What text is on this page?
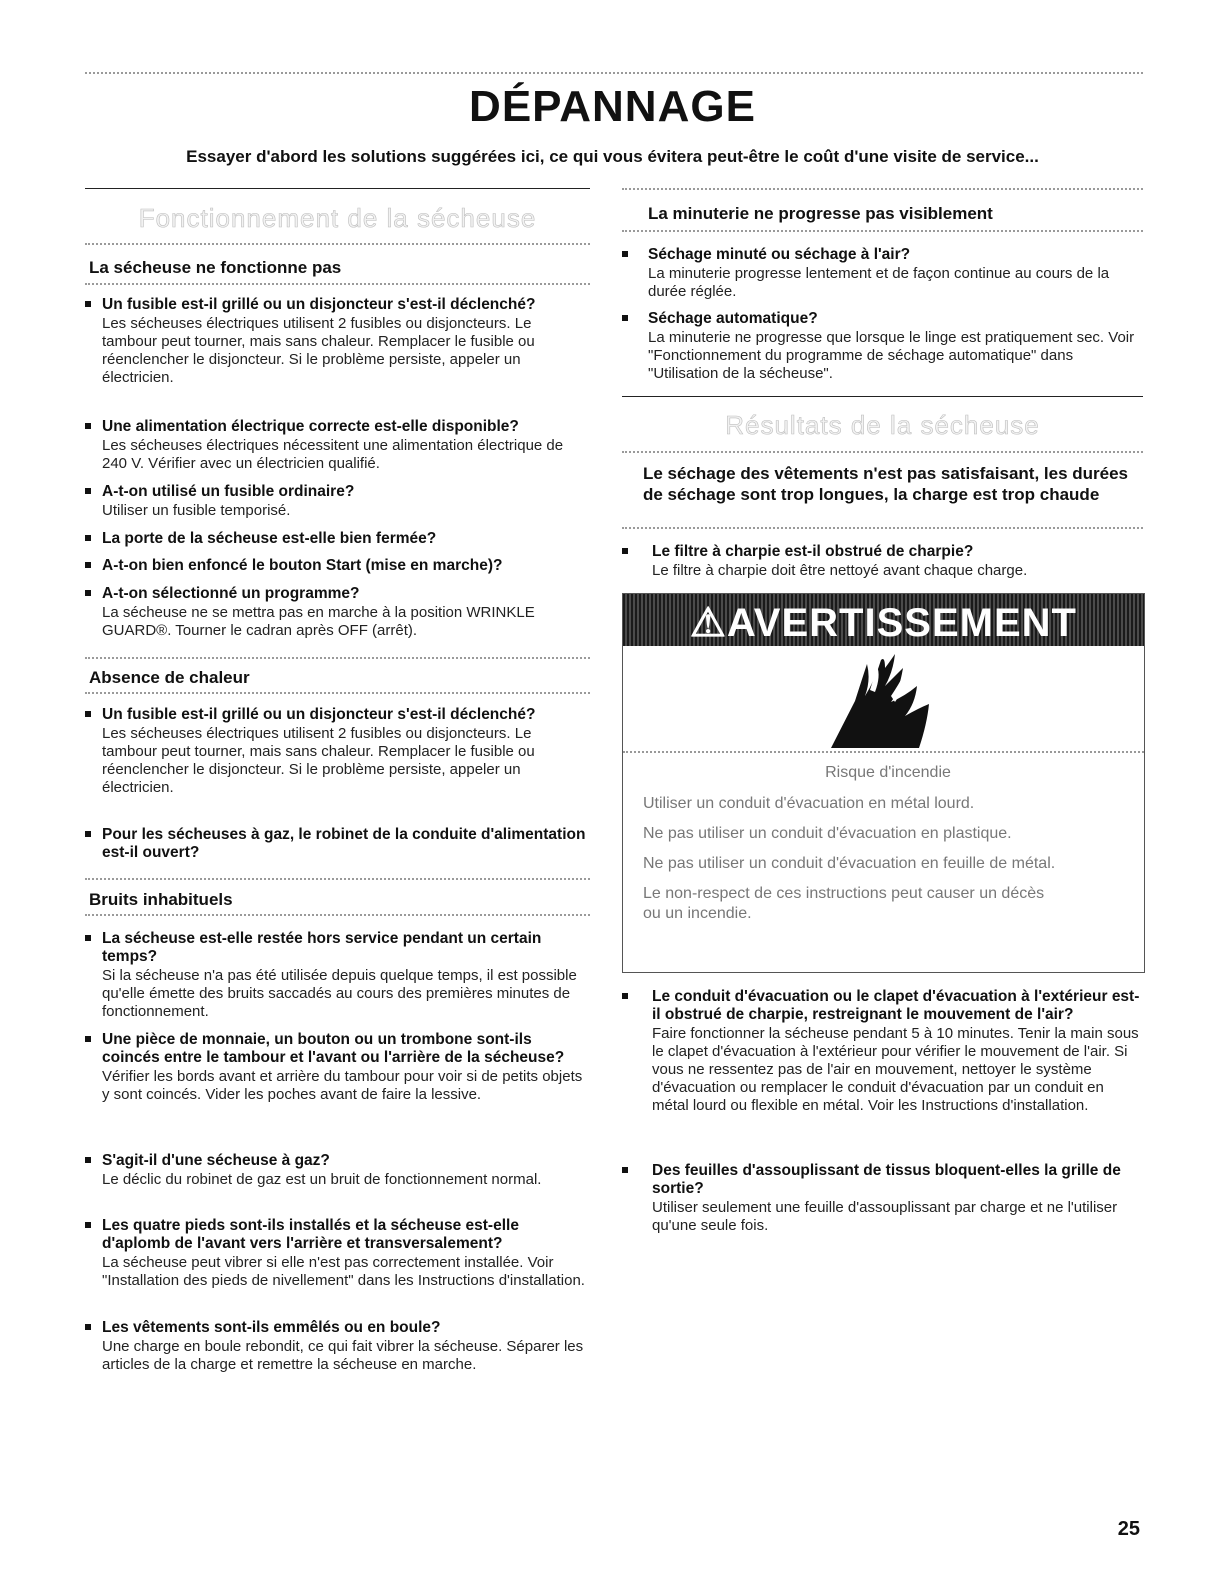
DÉPANNAGE

Essayer d'abord les solutions suggérées ici, ce qui vous évitera peut-être le coût d'une visite de service...

Fonctionnement de la sécheuse
La sécheuse ne fonctionne pas

Un fusible est-il grillé ou un disjoncteur s'est-il déclenché?

Les sécheuses électriques utilisent 2 fusibles ou disjoncteurs. Le tambour peut tourner, mais sans chaleur. Remplacer le fusible ou réenclencher le disjoncteur. Si le problème persiste, appeler un électricien.

Une alimentation électrique correcte est-elle disponible?

Les sécheuses électriques nécessitent une alimentation électrique de 240 V. Vérifier avec un électricien qualifié.

A-t-on utilisé un fusible ordinaire?

Utiliser un fusible temporisé.

La porte de la sécheuse est-elle bien fermée?

A-t-on bien enfoncé le bouton Start (mise en marche)?

A-t-on sélectionné un programme?

La sécheuse ne se mettra pas en marche à la position WRINKLE GUARD®. Tourner le cadran après OFF (arrêt).

Absence de chaleur

Un fusible est-il grillé ou un disjoncteur s'est-il déclenché?

Les sécheuses électriques utilisent 2 fusibles ou disjoncteurs. Le tambour peut tourner, mais sans chaleur. Remplacer le fusible ou réenclencher le disjoncteur. Si le problème persiste, appeler un électricien.

Pour les sécheuses à gaz, le robinet de la conduite d'alimentation est-il ouvert?

Bruits inhabituels

La sécheuse est-elle restée hors service pendant un certain temps?

Si la sécheuse n'a pas été utilisée depuis quelque temps, il est possible qu'elle émette des bruits saccadés au cours des premières minutes de fonctionnement.

Une pièce de monnaie, un bouton ou un trombone sont-ils coincés entre le tambour et l'avant ou l'arrière de la sécheuse?

Vérifier les bords avant et arrière du tambour pour voir si de petits objets y sont coincés. Vider les poches avant de faire la lessive.

S'agit-il d'une sécheuse à gaz?

Le déclic du robinet de gaz est un bruit de fonctionnement normal.

Les quatre pieds sont-ils installés et la sécheuse est-elle d'aplomb de l'avant vers l'arrière et transversalement?

La sécheuse peut vibrer si elle n'est pas correctement installée. Voir "Installation des pieds de nivellement" dans les Instructions d'installation.

Les vêtements sont-ils emmêlés ou en boule?

Une charge en boule rebondit, ce qui fait vibrer la sécheuse. Séparer les articles de la charge et remettre la sécheuse en marche.

La minuterie ne progresse pas visiblement

Séchage minuté ou séchage à l'air?

La minuterie progresse lentement et de façon continue au cours de la durée réglée.

Séchage automatique?

La minuterie ne progresse que lorsque le linge est pratiquement sec. Voir "Fonctionnement du programme de séchage automatique" dans "Utilisation de la sécheuse".

Résultats de la sécheuse
Le séchage des vêtements n'est pas satisfaisant, les durées de séchage sont trop longues, la charge est trop chaude

Le filtre à charpie est-il obstrué de charpie?

Le filtre à charpie doit être nettoyé avant chaque charge.

⚠AVERTISSEMENT

Risque d'incendie

Utiliser un conduit d'évacuation en métal lourd.

Ne pas utiliser un conduit d'évacuation en plastique.

Ne pas utiliser un conduit d'évacuation en feuille de métal.

Le non-respect de ces instructions peut causer un décès ou un incendie.

Le conduit d'évacuation ou le clapet d'évacuation à l'extérieur est-il obstrué de charpie, restreignant le mouvement de l'air?

Faire fonctionner la sécheuse pendant 5 à 10 minutes. Tenir la main sous le clapet d'évacuation à l'extérieur pour vérifier le mouvement de l'air. Si vous ne ressentez pas de l'air en mouvement, nettoyer le système d'évacuation ou remplacer le conduit d'évacuation par un conduit en métal lourd ou flexible en métal. Voir les Instructions d'installation.

Des feuilles d'assouplissant de tissus bloquent-elles la grille de sortie?

Utiliser seulement une feuille d'assouplissant par charge et ne l'utiliser qu'une seule fois.

25
